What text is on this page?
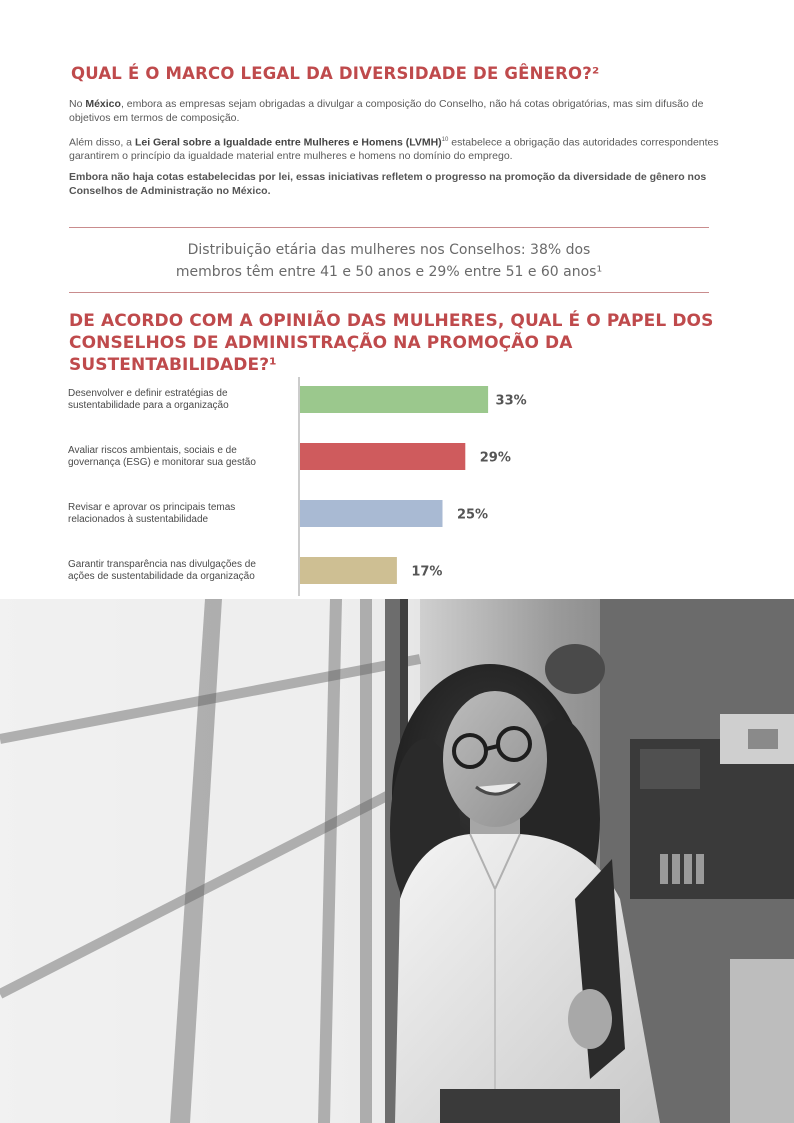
QUAL É O MARCO LEGAL DA DIVERSIDADE DE GÊNERO?²

No México, embora as empresas sejam obrigadas a divulgar a composição do Conselho, não há cotas obrigatórias, mas sim difusão de objetivos em termos de composição.

Além disso, a Lei Geral sobre a Igualdade entre Mulheres e Homens (LVMH)$^{10}$ estabelece a obrigação das autoridades correspondentes garantirem o princípio da igualdade material entre mulheres e homens no domínio do emprego.

Embora não haja cotas estabelecidas por lei, essas iniciativas refletem o progresso na promoção da diversidade de gênero nos Conselhos de Administração no México.

Distribuição etária das mulheres nos Conselhos: 38% dos
membros têm entre 41 e 50 anos e 29% entre 51 e 60 anos¹

DE ACORDO COM A OPINIÃO DAS MULHERES, QUAL É O PAPEL DOS
CONSELHOS DE ADMINISTRAÇÃO NA PROMOÇÃO DA SUSTENTABILIDADE?¹
33%
Desenvolver e definir estratégias de
sustentabilidade para a organização
29%
Avaliar riscos ambientais, sociais e de
governança (ESG) e monitorar sua gestão
25%
Revisar e aprovar os principais temas
relacionados à sustentabilidade
17%
Garantir transparência nas divulgações de
ações de sustentabilidade da organização
